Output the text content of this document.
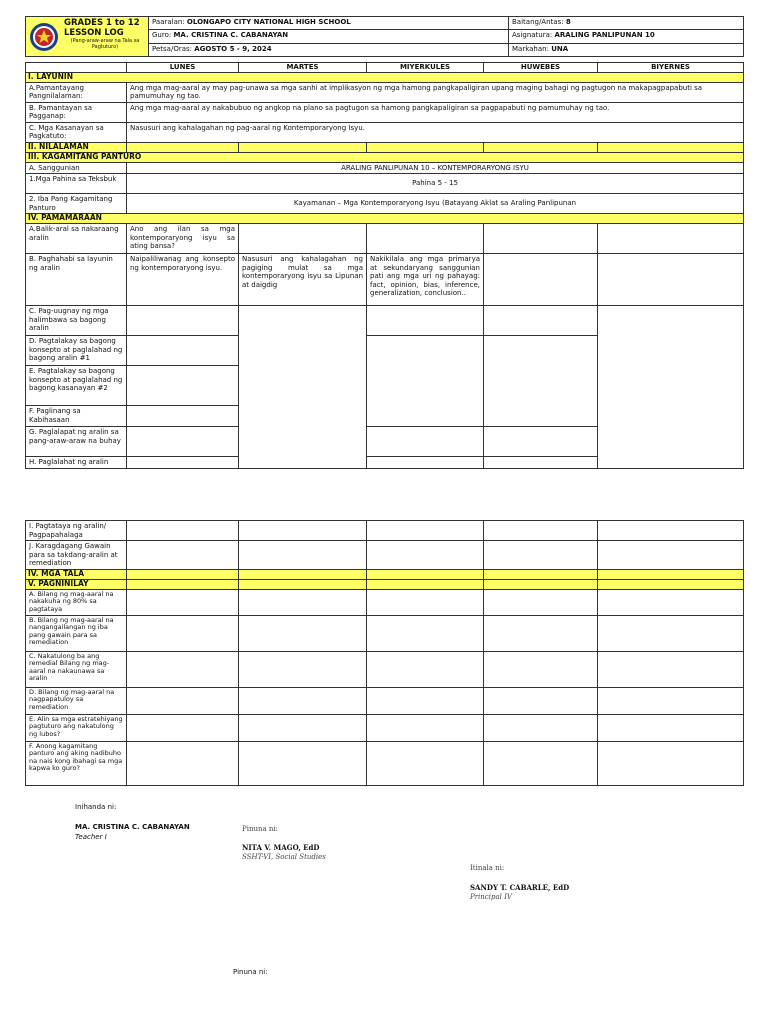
GRADES 1 to 12
LESSON LOG
(Pang-araw-araw na Tala sa Pagtuturo)	Paaralan: OLONGAPO CITY NATIONAL HIGH SCHOOL	Baitang/Antas: 8
	Guro: MA. CRISTINA C. CABANAYAN	Asignatura: ARALING PANLIPUNAN 10
	Petsa/Oras: AGOSTO 5 - 9, 2024	Markahan: UNA
	LUNES	MARTES	MIYERKULES	HUWEBES	BIYERNES
I. LAYUNIN					
A.Pamantayang Pangnilalaman:	Ang mga mag-aaral ay may pag-unawa sa mga sanhi at implikasyon ng mga hamong pangkapaligiran upang maging bahagi ng pagtugon na makapagpapabuti sa pamumuhay ng tao.				
B. Pamantayan sa Pagganap:	Ang mga mag-aaral ay nakabubuo ng angkop na plano sa pagtugon sa hamong pangkapaligiran sa pagpapabuti ng pamumuhay ng tao.				
C. Mga Kasanayan sa Pagkatuto:	Nasusuri ang kahalagahan ng pag-aaral ng Kontemporaryong Isyu.				
II. NILALAMAN					
III. KAGAMITANG PANTURO					
A. Sanggunian	ARALING PANLIPUNAN 10 – KONTEMPORARYONG ISYU				
1.Mga Pahina sa Teksbuk	Pahina 5 - 15				
2. Iba Pang Kagamitang Panturo	Kayamanan – Mga Kontemporaryong Isyu (Batayang Aklat sa Araling Panlipunan				
IV. PAMAMARAAN					
A.Balik-aral sa nakaraang aralin	Ano ang ilan sa mga kontemporaryong isyu sa ating bansa?				
B. Paghahabi sa layunin ng aralin	Naipaliliwanag ang konsepto ng kontemporaryong isyu.	Nasusuri ang kahalagahan ng pagiging mulat sa mga kontemporaryong isyu sa Lipunan at daigdig	Nakikilala ang mga primarya at sekundaryang sanggunian pati ang mga uri ng pahayag: fact, opinion, bias, inference, generalization, conclusion..		
C. Pag-uugnay ng mga halimbawa sa bagong aralin					
D. Pagtalakay sa bagong konsepto at paglalahad ng bagong aralin #1					
E. Pagtalakay sa bagong konsepto at paglalahad ng bagong kasanayan #2					
F. Paglinang sa Kabihasaan					
G. Paglalapat ng aralin sa pang-araw-araw na buhay					
H. Paglalahat ng aralin					
I. Pagtataya ng aralin/ Pagpapahalaga					
J. Karagdagang Gawain para sa takdang-aralin at remediation					
IV. MGA TALA					
V. PAGNINILAY					
A. Bilang ng mag-aaral na nakakuha ng 80% sa pagtataya					
B. Bilang ng mag-aaral na nangangailangan ng iba pang gawain para sa remediation					
C. Nakatulong ba ang remedial Bilang ng mag-aaral na nakaunawa sa aralin					
D. Bilang ng mag-aaral na nagpapatuloy sa remediation					
E. Alin sa mga estratehiyang pagtuturo ang nakatulong ng lubos?					
F. Anong kagamitang panturo ang aking nadibuho na nais kong ibahagi sa mga kapwa ko guro?					
Inihanda ni:
MA. CRISTINA C. CABANAYAN
Teacher I
Pinuna ni:
NITA V. MAGO, EdD
SSHT-VI, Social Studies
Itinala ni:
SANDY T. CABARLE, EdD
Principal IV
Pinuna ni:
